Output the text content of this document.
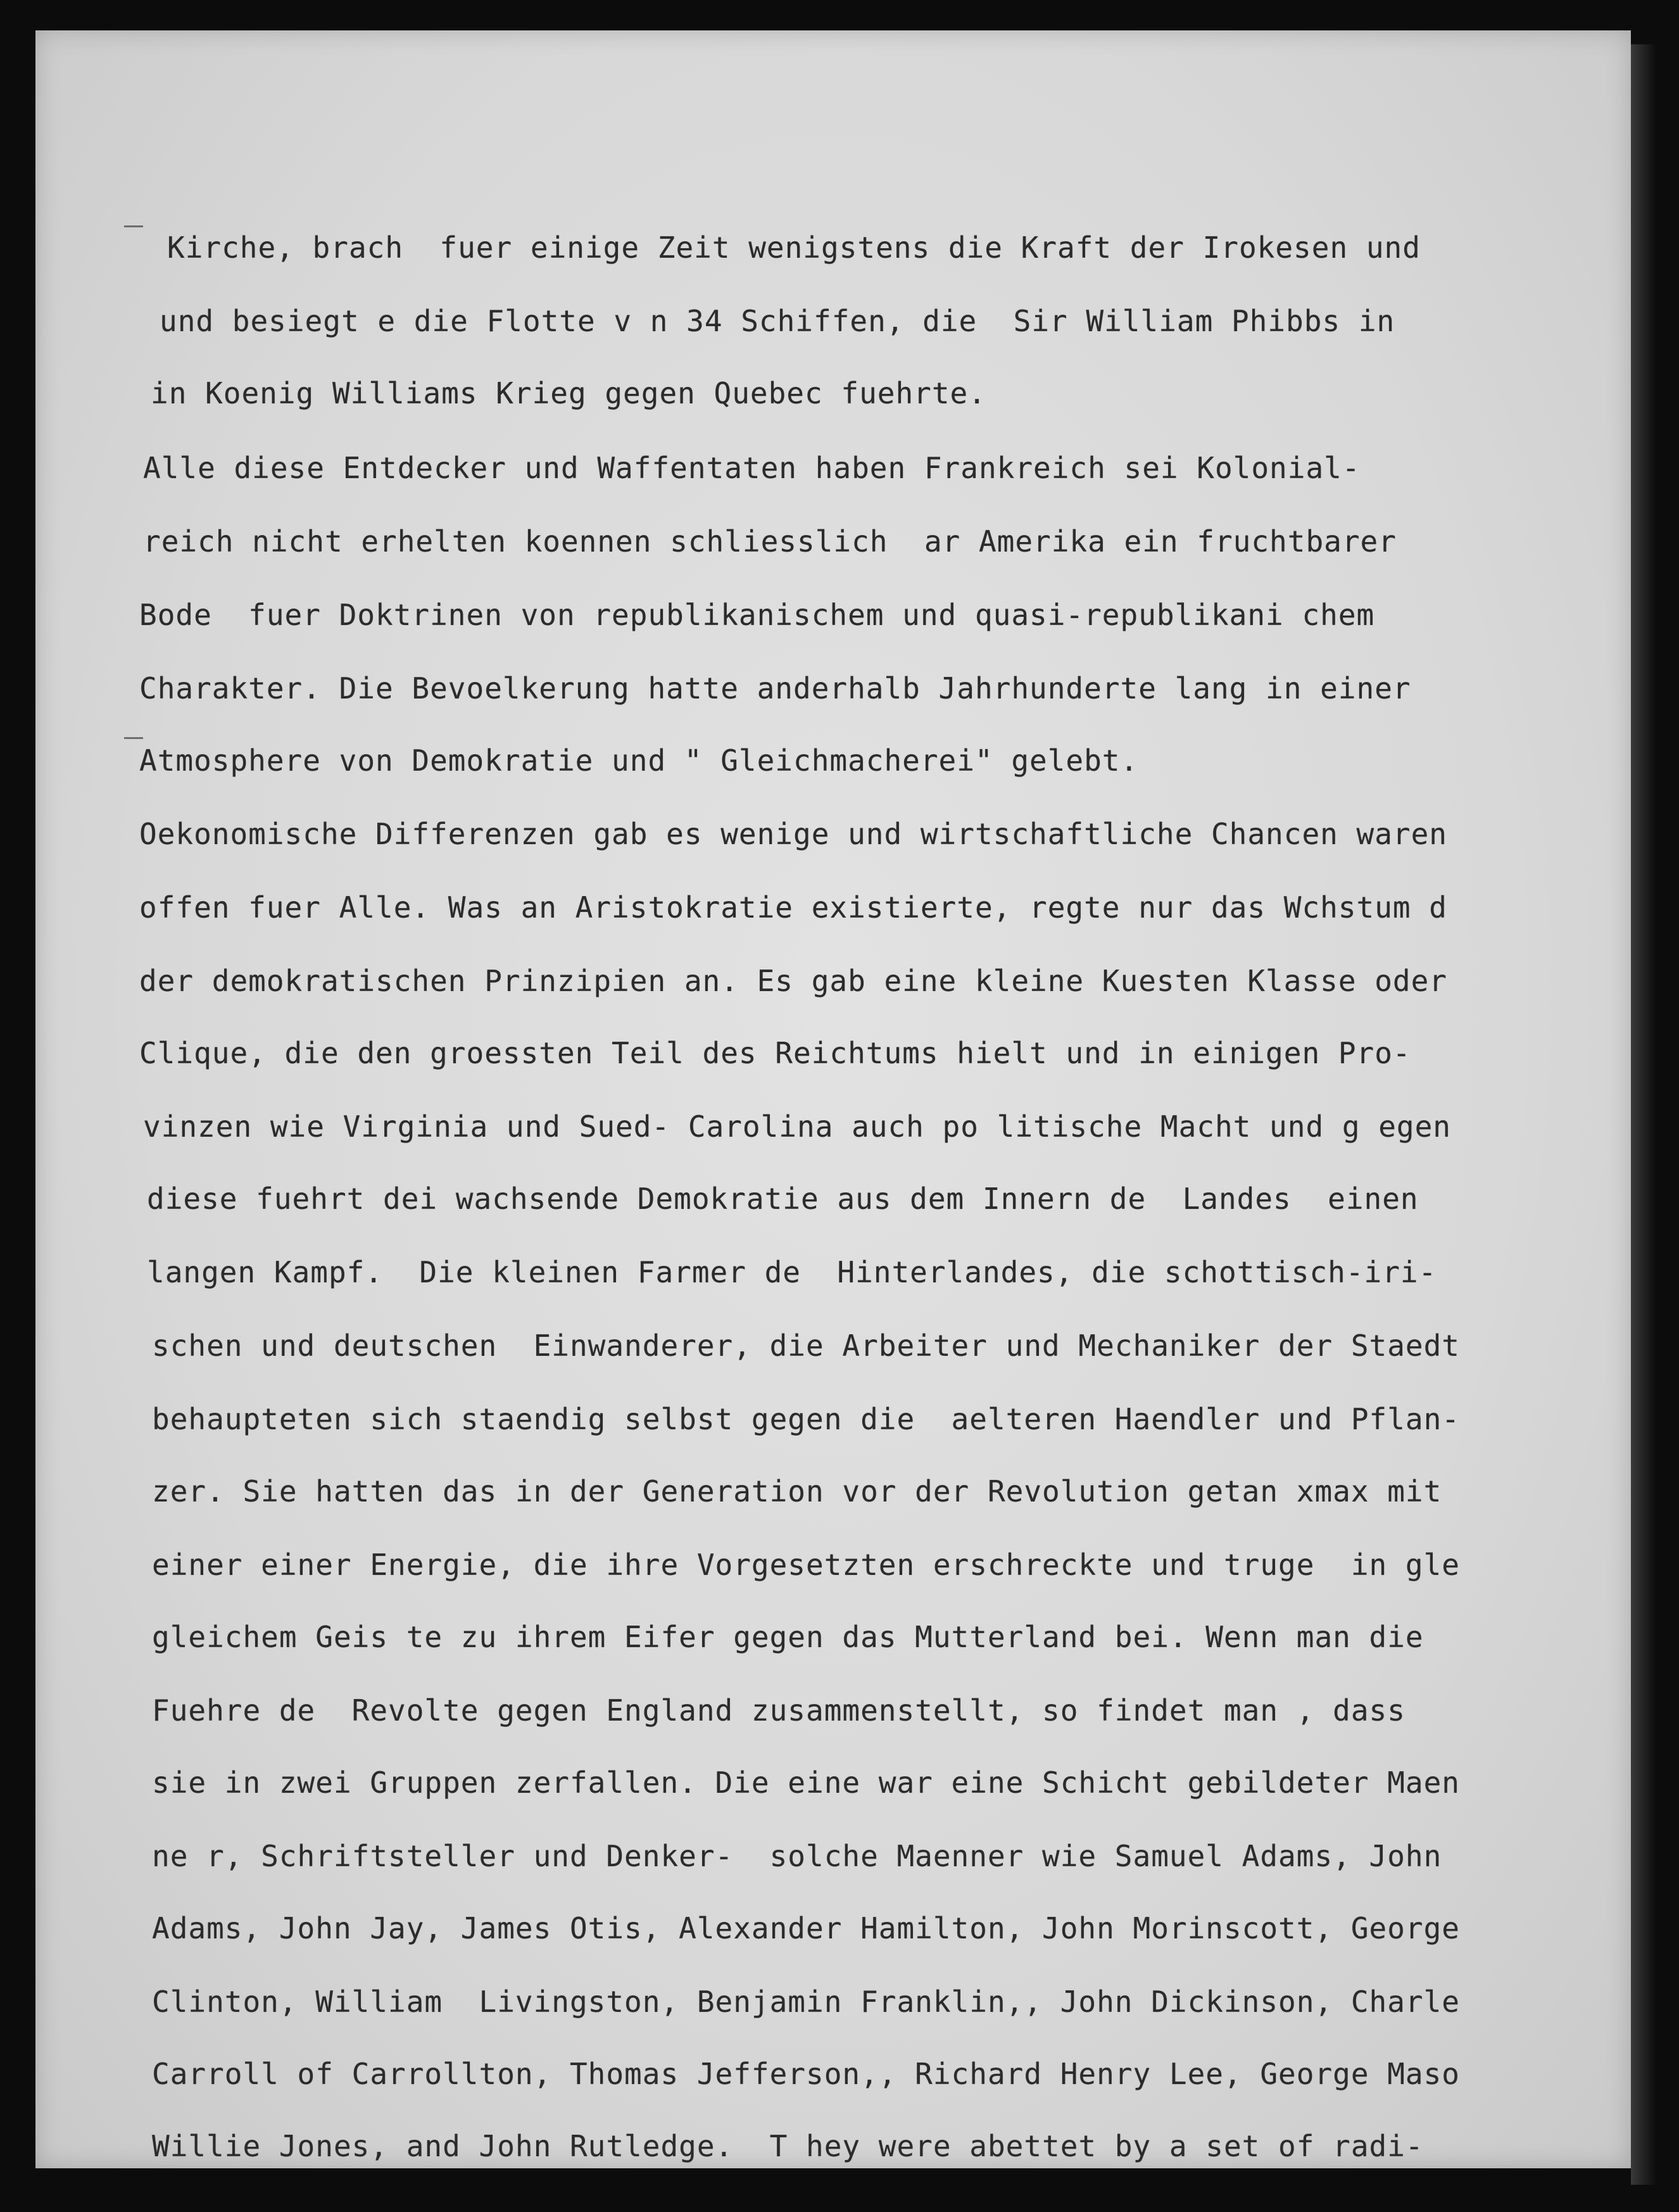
Kirche, brach  fuer einige Zeit wenigstens die Kraft der Irokesen und
und besiegt e die Flotte v n 34 Schiffen, die  Sir William Phibbs in
in Koenig Williams Krieg gegen Quebec fuehrte.
Alle diese Entdecker und Waffentaten haben Frankreich sei Kolonial-
reich nicht erhelten koennen schliesslich  ar Amerika ein fruchtbarer
Bode  fuer Doktrinen von republikanischem und quasi-republikani chem
Charakter. Die Bevoelkerung hatte anderhalb Jahrhunderte lang in einer
Atmosphere von Demokratie und " Gleichmacherei" gelebt.
Oekonomische Differenzen gab es wenige und wirtschaftliche Chancen waren
offen fuer Alle. Was an Aristokratie existierte, regte nur das Wchstum d
der demokratischen Prinzipien an. Es gab eine kleine Kuesten Klasse oder
Clique, die den groessten Teil des Reichtums hielt und in einigen Pro-
vinzen wie Virginia und Sued- Carolina auch po litische Macht und g egen
diese fuehrt dei wachsende Demokratie aus dem Innern de  Landes  einen
langen Kampf.  Die kleinen Farmer de  Hinterlandes, die schottisch-iri-
schen und deutschen  Einwanderer, die Arbeiter und Mechaniker der Staedt
behaupteten sich staendig selbst gegen die  aelteren Haendler und Pflan-
zer. Sie hatten das in der Generation vor der Revolution getan xmax mit
einer einer Energie, die ihre Vorgesetzten erschreckte und truge  in gle
gleichem Geis te zu ihrem Eifer gegen das Mutterland bei. Wenn man die
Fuehre de  Revolte gegen England zusammenstellt, so findet man , dass
sie in zwei Gruppen zerfallen. Die eine war eine Schicht gebildeter Maen
ne r, Schriftsteller und Denker-  solche Maenner wie Samuel Adams, John
Adams, John Jay, James Otis, Alexander Hamilton, John Morinscott, George
Clinton, William  Livingston, Benjamin Franklin,, John Dickinson, Charle
Carroll of Carrollton, Thomas Jefferson,, Richard Henry Lee, George Maso
Willie Jones, and John Rutledge.  T hey were abettet by a set of radi-
